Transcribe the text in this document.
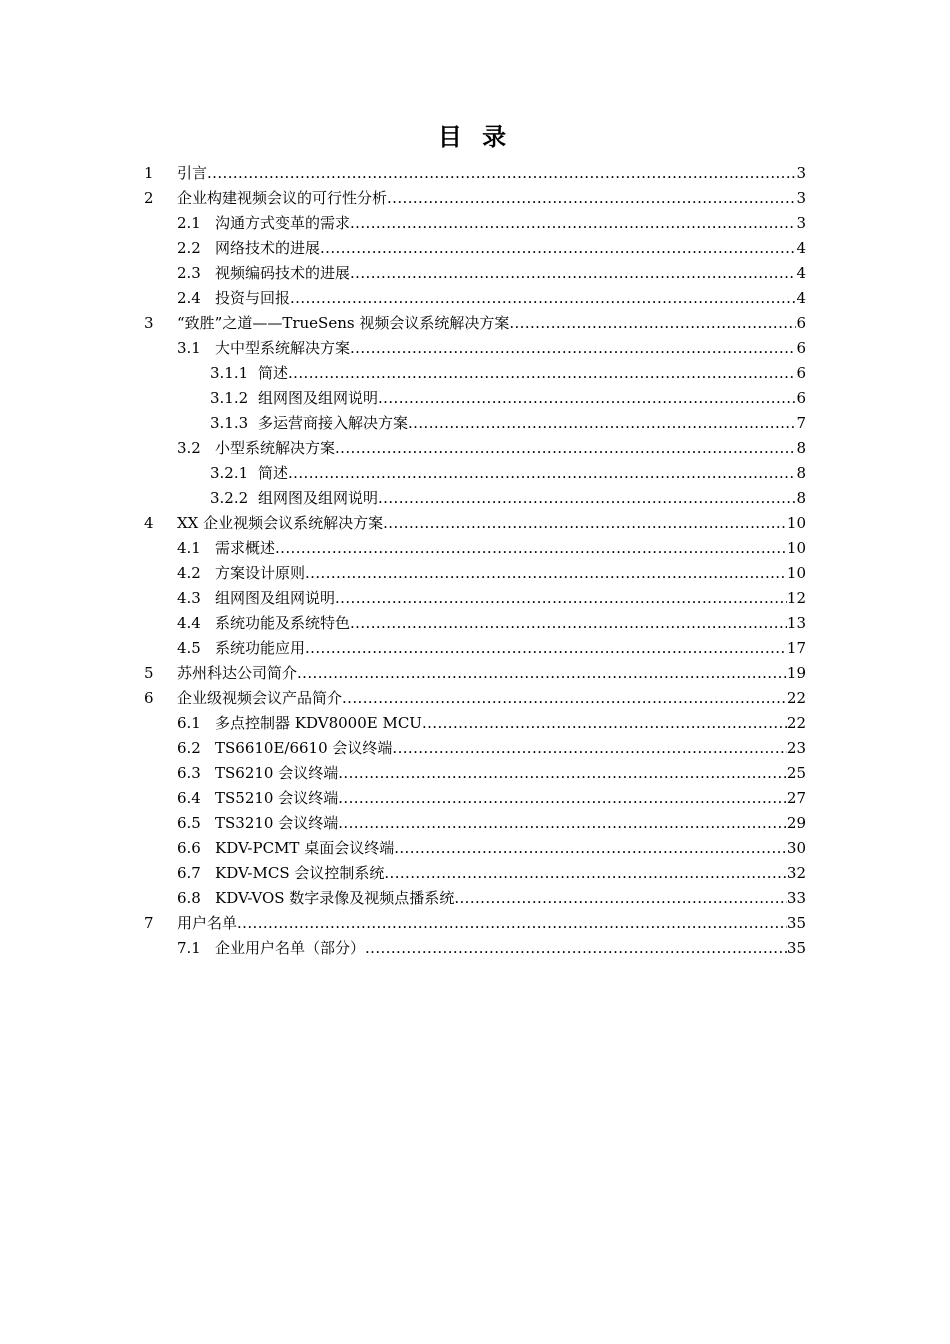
目 录
1	引言 .....	3
2	企业构建视频会议的可行性分析 .....	3
2.1 沟通方式变革的需求 .....	3
2.2 网络技术的进展 .....	4
2.3 视频编码技术的进展 .....	4
2.4 投资与回报 .....	4
3	“致胜”之道——TrueSens 视频会议系统解决方案 .....	6
3.1 大中型系统解决方案 .....	6
3.1.1 简述 .....	6
3.1.2 组网图及组网说明 .....	6
3.1.3 多运营商接入解决方案 .....	7
3.2 小型系统解决方案 .....	8
3.2.1 简述 .....	8
3.2.2 组网图及组网说明 .....	8
4	XX 企业视频会议系统解决方案 .....	10
4.1 需求概述 .....	10
4.2 方案设计原则 .....	10
4.3 组网图及组网说明 .....	12
4.4 系统功能及系统特色 .....	13
4.5 系统功能应用 .....	17
5	苏州科达公司简介 .....	19
6	企业级视频会议产品简介 .....	22
6.1 多点控制器 KDV8000E MCU .....	22
6.2 TS6610E/6610 会议终端 .....	23
6.3 TS6210 会议终端 .....	25
6.4 TS5210 会议终端 .....	27
6.5 TS3210 会议终端 .....	29
6.6 KDV-PCMT 桌面会议终端 .....	30
6.7 KDV-MCS 会议控制系统 .....	32
6.8 KDV-VOS 数字录像及视频点播系统 .....	33
7	用户名单 .....	35
7.1 企业用户名单（部分） .....	35
